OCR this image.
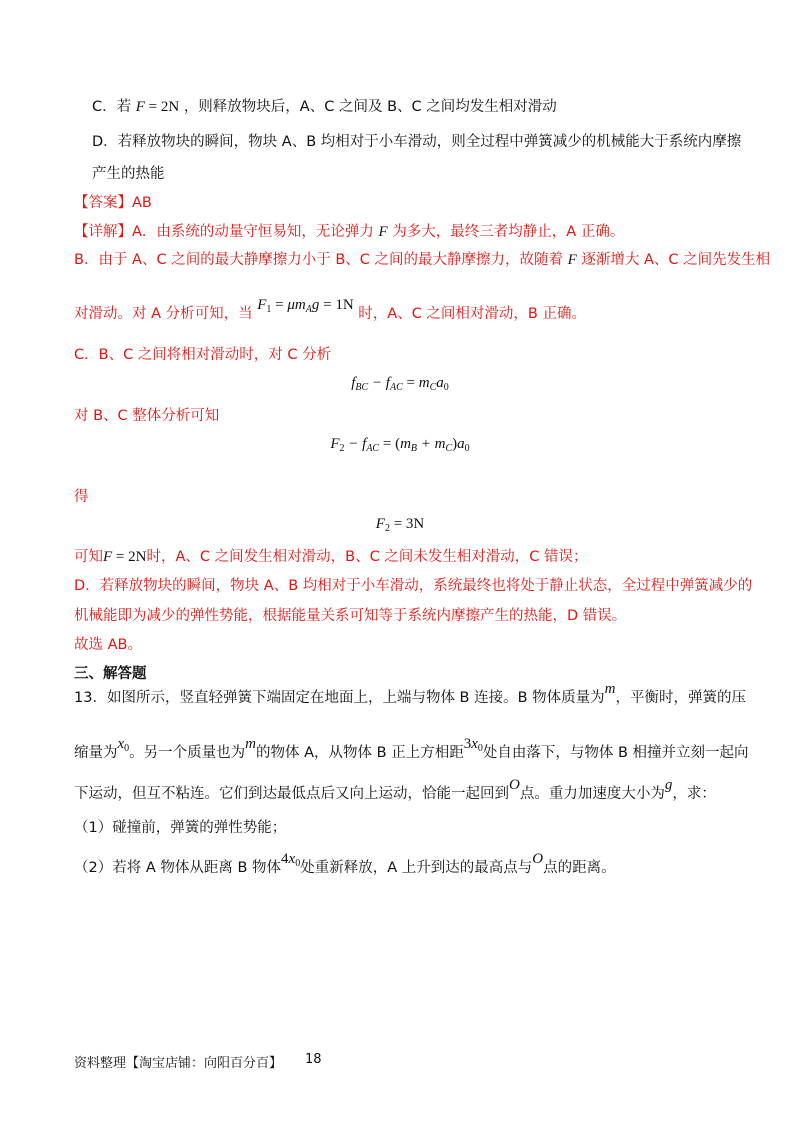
C．若 F = 2N ，则释放物块后，A、C 之间及 B、C 之间均发生相对滑动
D．若释放物块的瞬间，物块 A、B 均相对于小车滑动，则全过程中弹簧减少的机械能大于系统内摩擦
产生的热能
【答案】AB
【详解】A．由系统的动量守恒易知，无论弹力 F 为多大，最终三者均静止，A 正确。
B．由于 A、C 之间的最大静摩擦力小于 B、C 之间的最大静摩擦力，故随着 F 逐渐增大 A、C 之间先发生相
对滑动。对 A 分析可知，当 $F_1 = \mu m_Ag = 1N$ 时，A、C 之间相对滑动，B 正确。
C．B、C 之间将相对滑动时，对 C 分析
$f_{BC} - f_{AC} = m_Ca_0$
对 B、C 整体分析可知
$F_2 - f_{AC} = (m_B + m_C)a_0$
得
$F_2 = 3N$
可知F = 2N时，A、C 之间发生相对滑动，B、C 之间未发生相对滑动，C 错误；
D．若释放物块的瞬间，物块 A、B 均相对于小车滑动，系统最终也将处于静止状态，全过程中弹簧减少的
机械能即为减少的弹性势能，根据能量关系可知等于系统内摩擦产生的热能，D 错误。
故选 AB。
三、解答题
13．如图所示，竖直轻弹簧下端固定在地面上，上端与物体 B 连接。B 物体质量为m，平衡时，弹簧的压
缩量为$x_0$。另一个质量也为m的物体 A，从物体 B 正上方相距$3x_0$处自由落下，与物体 B 相撞并立刻一起向
下运动，但互不粘连。它们到达最低点后又向上运动，恰能一起回到O点。重力加速度大小为g，求：
（1）碰撞前，弹簧的弹性势能；
（2）若将 A 物体从距离 B 物体$4x_0$处重新释放，A 上升到达的最高点与O点的距离。
资料整理【淘宝店铺：向阳百分百】 18
